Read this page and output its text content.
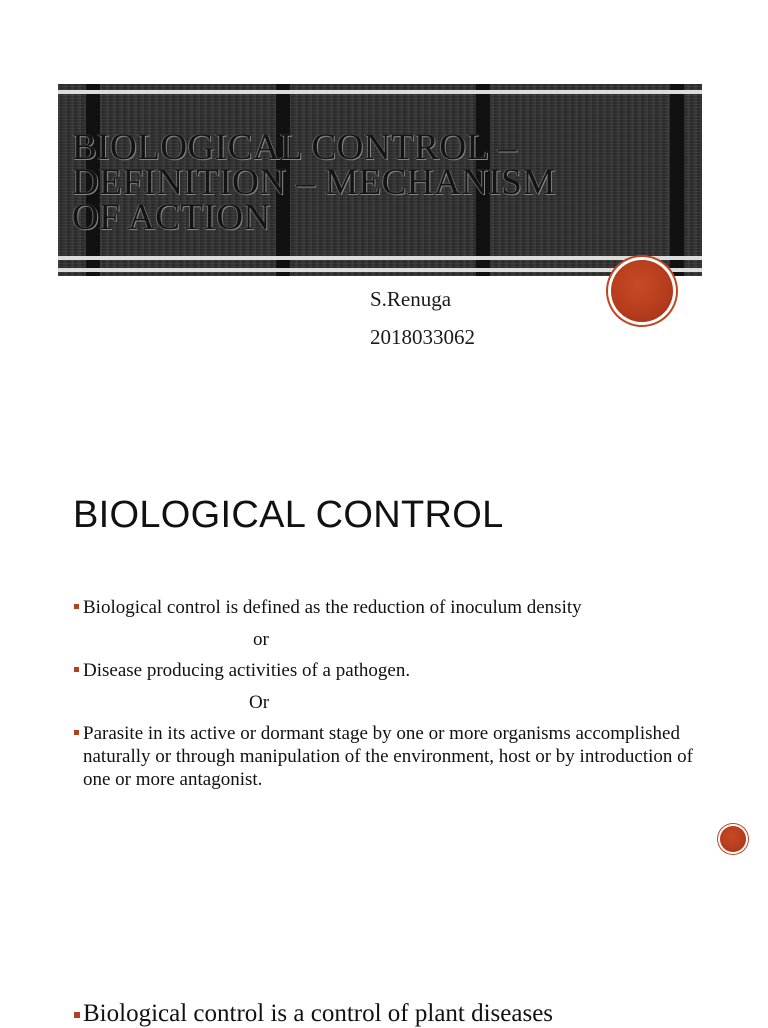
BIOLOGICAL CONTROL – DEFINITION – MECHANISM OF ACTION

S.Renuga

2018033062

BIOLOGICAL CONTROL

Biological control is defined as the reduction of inoculum density

or

Disease producing activities of a pathogen.

Or

Parasite in its active or dormant stage by one or more organisms accomplished naturally or through manipulation of the environment, host or by introduction of one or more antagonist.

Biological control is a control of plant diseases
